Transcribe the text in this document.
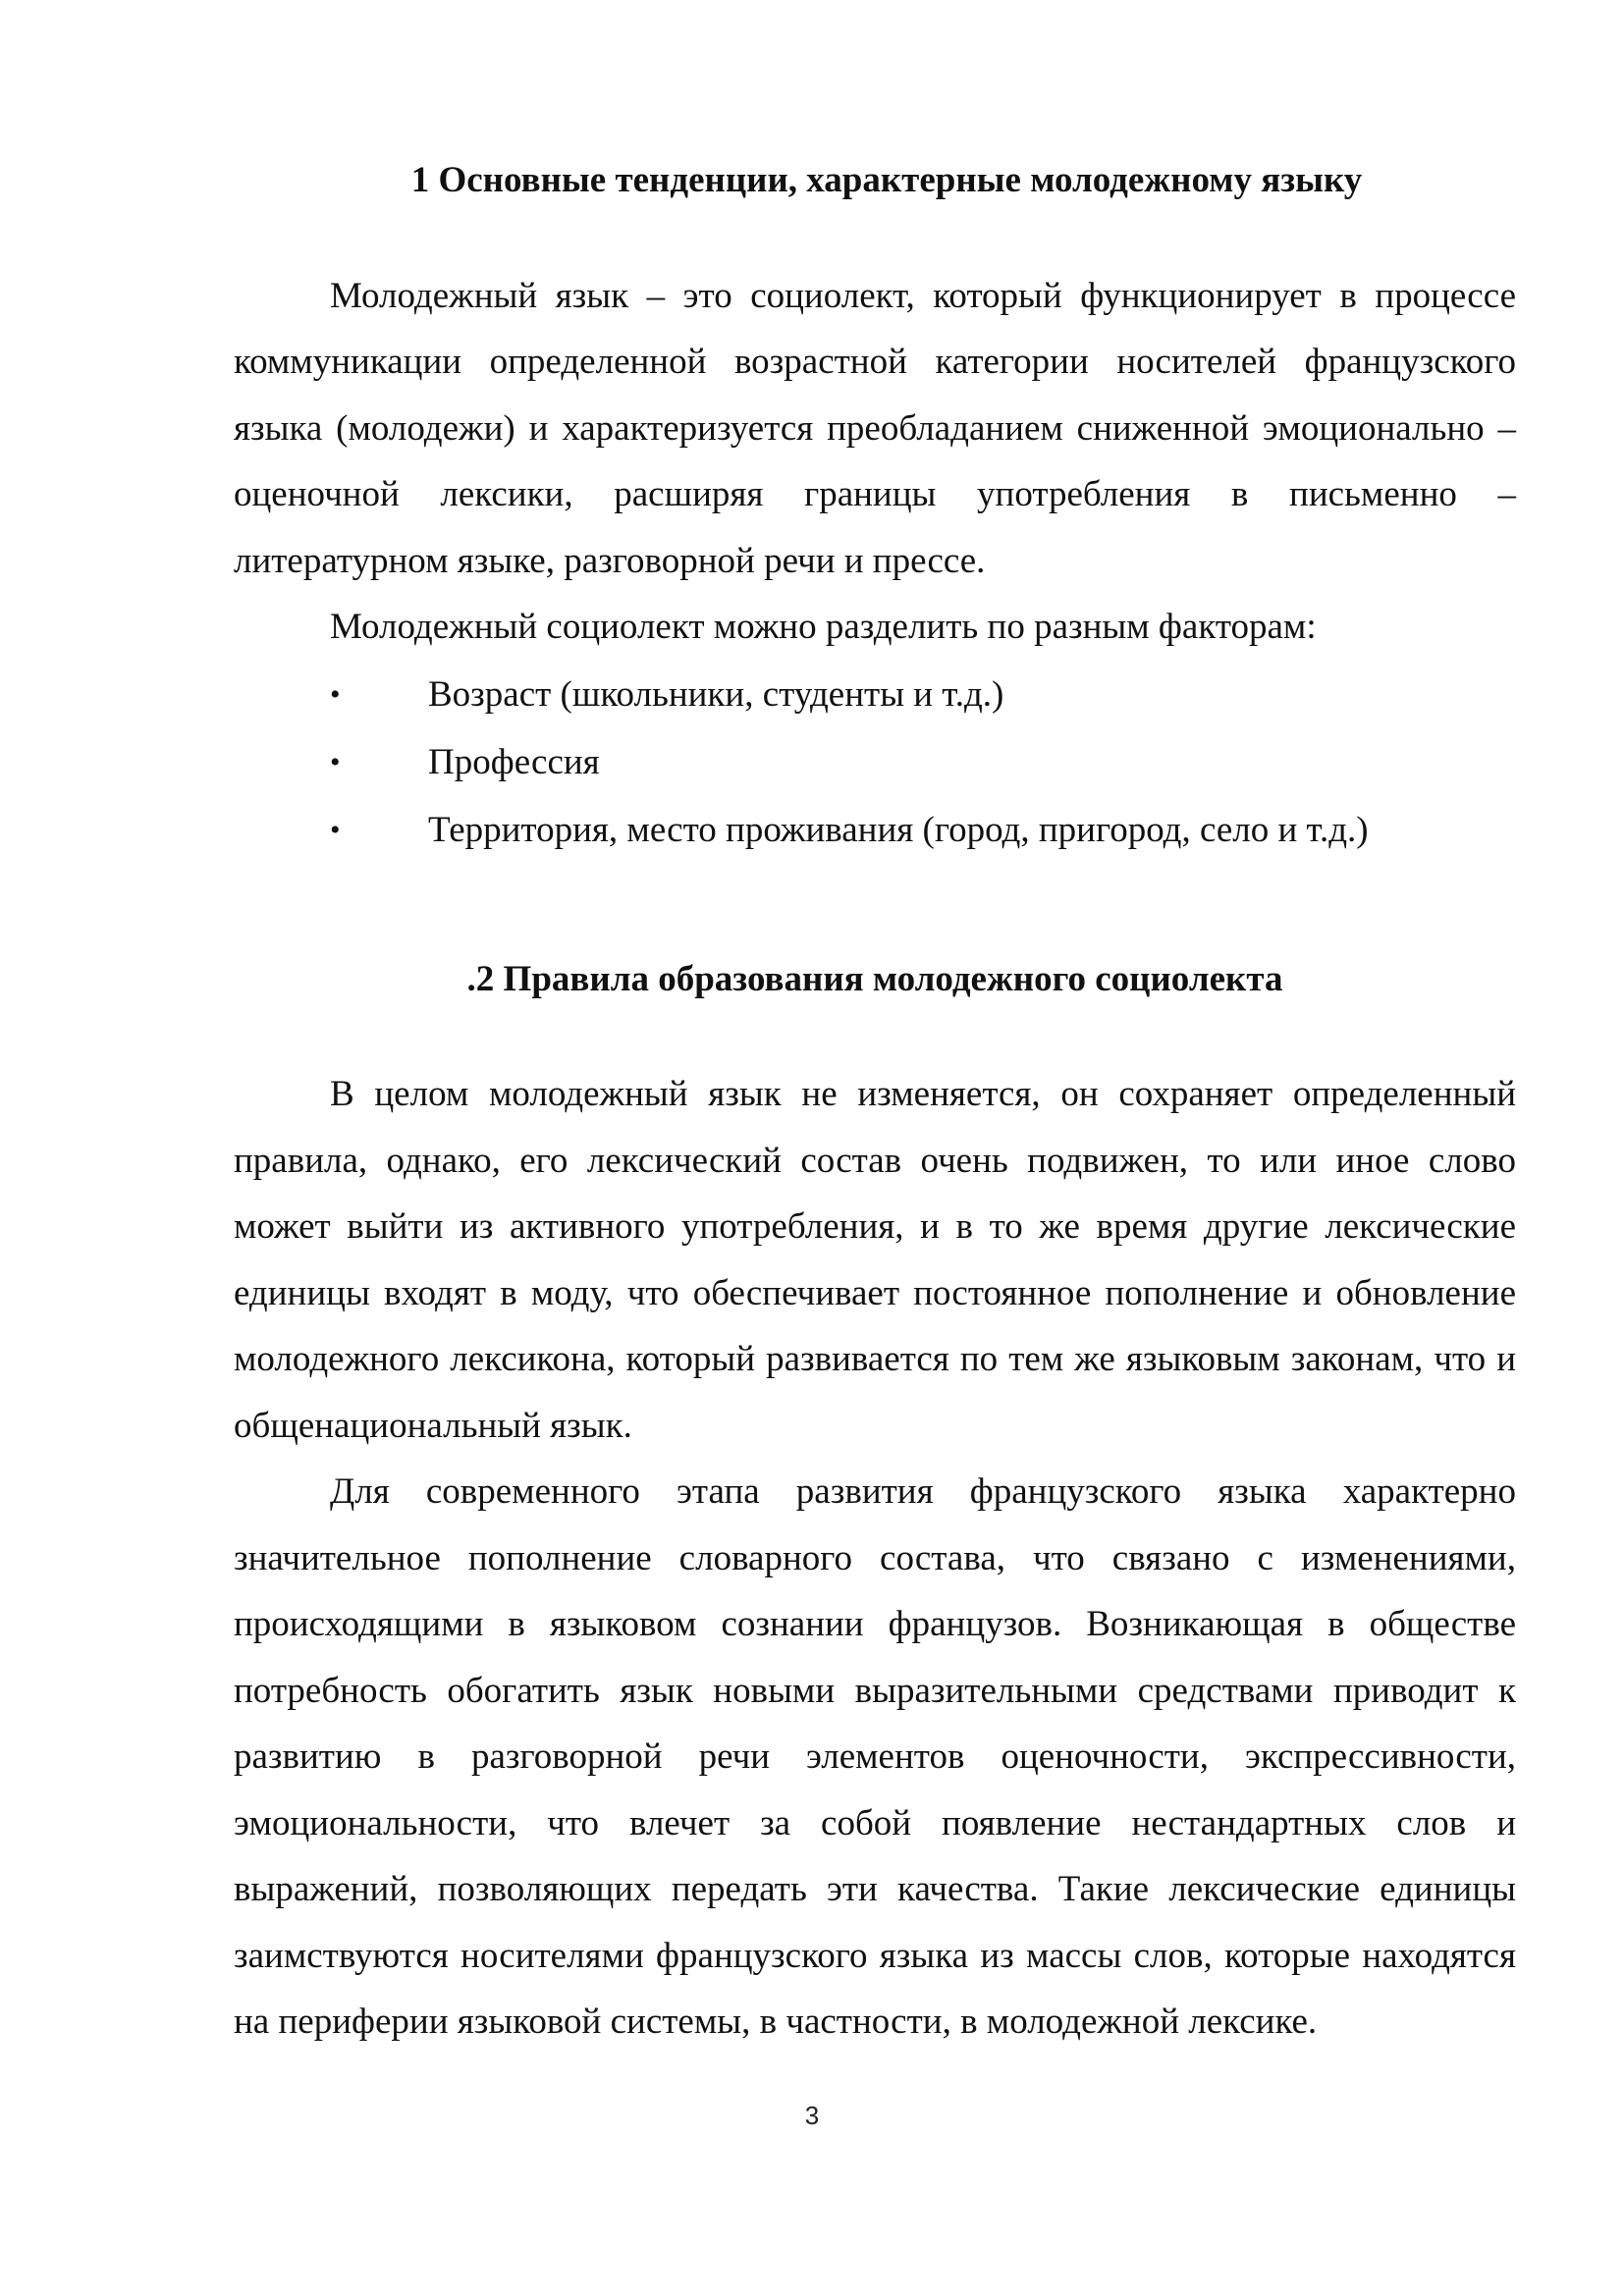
1 Основные тенденции, характерные молодежному языку

Молодежный язык – это социолект, который функционирует в процессе коммуникации определенной возрастной категории носителей французского языка (молодежи) и характеризуется преобладанием сниженной эмоционально – оценочной лексики, расширяя границы употребления в письменно – литературном языке, разговорной речи и прессе.

Молодежный социолект можно разделить по разным факторам:

• Возраст (школьники, студенты и т.д.)
• Профессия
• Территория, место проживания (город, пригород, село и т.д.)
.2 Правила образования молодежного социолекта

В целом молодежный язык не изменяется, он сохраняет определенный правила, однако, его лексический состав очень подвижен, то или иное слово может выйти из активного употребления, и в то же время другие лексические единицы входят в моду, что обеспечивает постоянное пополнение и обновление молодежного лексикона, который развивается по тем же языковым законам, что и общенациональный язык.

Для современного этапа развития французского языка характерно значительное пополнение словарного состава, что связано с изменениями, происходящими в языковом сознании французов. Возникающая в обществе потребность обогатить язык новыми выразительными средствами приводит к развитию в разговорной речи элементов оценочности, экспрессивности, эмоциональности, что влечет за собой появление нестандартных слов и выражений, позволяющих передать эти качества. Такие лексические единицы заимствуются носителями французского языка из массы слов, которые находятся на периферии языковой системы, в частности, в молодежной лексике.

3
